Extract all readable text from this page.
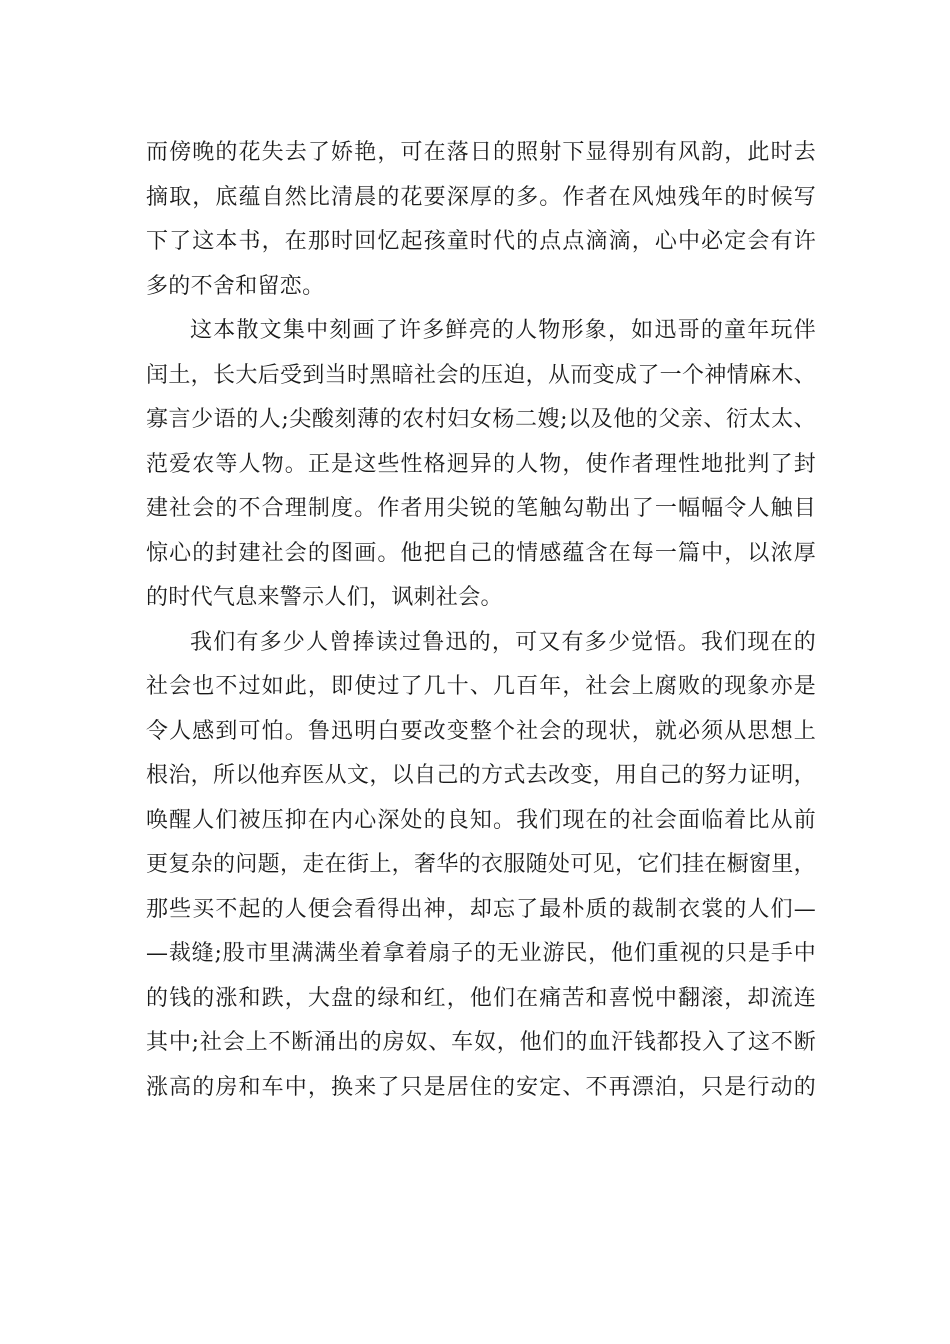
而傍晚的花失去了娇艳，可在落日的照射下显得别有风韵，此时去
摘取，底蕴自然比清晨的花要深厚的多。作者在风烛残年的时候写
下了这本书，在那时回忆起孩童时代的点点滴滴，心中必定会有许
多的不舍和留恋。
这本散文集中刻画了许多鲜亮的人物形象，如迅哥的童年玩伴
闰土，长大后受到当时黑暗社会的压迫，从而变成了一个神情麻木、
寡言少语的人;尖酸刻薄的农村妇女杨二嫂;以及他的父亲、衍太太、
范爱农等人物。正是这些性格迥异的人物，使作者理性地批判了封
建社会的不合理制度。作者用尖锐的笔触勾勒出了一幅幅令人触目
惊心的封建社会的图画。他把自己的情感蕴含在每一篇中，以浓厚
的时代气息来警示人们，讽刺社会。
我们有多少人曾捧读过鲁迅的，可又有多少觉悟。我们现在的
社会也不过如此，即使过了几十、几百年，社会上腐败的现象亦是
令人感到可怕。鲁迅明白要改变整个社会的现状，就必须从思想上
根治，所以他弃医从文，以自己的方式去改变，用自己的努力证明，
唤醒人们被压抑在内心深处的良知。我们现在的社会面临着比从前
更复杂的问题，走在街上，奢华的衣服随处可见，它们挂在橱窗里，
那些买不起的人便会看得出神，却忘了最朴质的裁制衣裳的人们—
—裁缝;股市里满满坐着拿着扇子的无业游民，他们重视的只是手中
的钱的涨和跌，大盘的绿和红，他们在痛苦和喜悦中翻滚，却流连
其中;社会上不断涌出的房奴、车奴，他们的血汗钱都投入了这不断
涨高的房和车中，换来了只是居住的安定、不再漂泊，只是行动的
